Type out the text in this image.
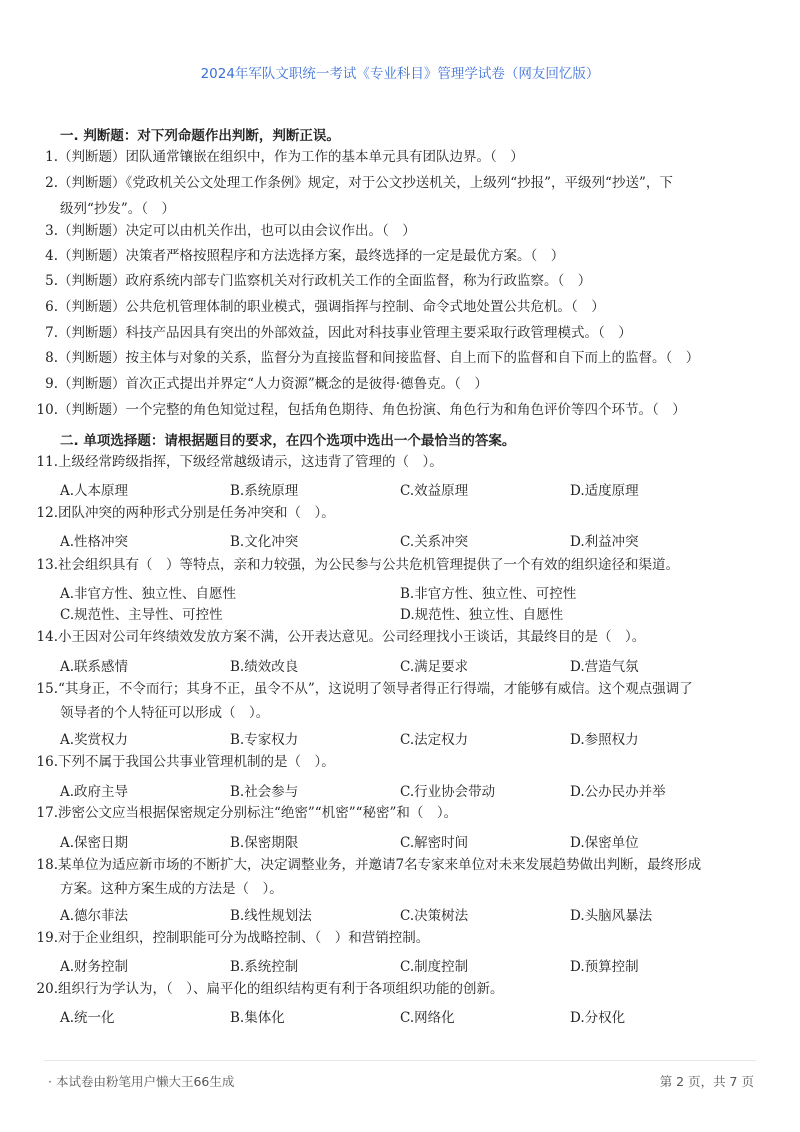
2024年军队文职统一考试《专业科目》管理学试卷（网友回忆版）
一. 判断题：对下列命题作出判断，判断正误。
1.（判断题）团队通常镶嵌在组织中，作为工作的基本单元具有团队边界。（　）
2.（判断题）《党政机关公文处理工作条例》规定，对于公文抄送机关，上级列“抄报”，平级列“抄送”，下
级列“抄发”。（　）
3.（判断题）决定可以由机关作出，也可以由会议作出。（　）
4.（判断题）决策者严格按照程序和方法选择方案，最终选择的一定是最优方案。（　）
5.（判断题）政府系统内部专门监察机关对行政机关工作的全面监督，称为行政监察。（　）
6.（判断题）公共危机管理体制的职业模式，强调指挥与控制、命令式地处置公共危机。（　）
7.（判断题）科技产品因具有突出的外部效益，因此对科技事业管理主要采取行政管理模式。（　）
8.（判断题）按主体与对象的关系，监督分为直接监督和间接监督、自上而下的监督和自下而上的监督。（　）
9.（判断题）首次正式提出并界定“人力资源”概念的是彼得·德鲁克。（　）
10.（判断题）一个完整的角色知觉过程，包括角色期待、角色扮演、角色行为和角色评价等四个环节。（　）
二. 单项选择题：请根据题目的要求，在四个选项中选出一个最恰当的答案。
11.上级经常跨级指挥，下级经常越级请示，这违背了管理的（　）。
A.人本原理	B.系统原理	C.效益原理	D.适度原理
12.团队冲突的两种形式分别是任务冲突和（　）。
A.性格冲突	B.文化冲突	C.关系冲突	D.利益冲突
13.社会组织具有（　）等特点，亲和力较强，为公民参与公共危机管理提供了一个有效的组织途径和渠道。
A.非官方性、独立性、自愿性	B.非官方性、独立性、可控性
C.规范性、主导性、可控性	D.规范性、独立性、自愿性
14.小王因对公司年终绩效发放方案不满，公开表达意见。公司经理找小王谈话，其最终目的是（　）。
A.联系感情	B.绩效改良	C.满足要求	D.营造气氛
15.“其身正，不令而行；其身不正，虽令不从”，这说明了领导者得正行得端，才能够有威信。这个观点强调了
领导者的个人特征可以形成（　）。
A.奖赏权力	B.专家权力	C.法定权力	D.参照权力
16.下列不属于我国公共事业管理机制的是（　）。
A.政府主导	B.社会参与	C.行业协会带动	D.公办民办并举
17.涉密公文应当根据保密规定分别标注“绝密”“机密”“秘密”和（　）。
A.保密日期	B.保密期限	C.解密时间	D.保密单位
18.某单位为适应新市场的不断扩大，决定调整业务，并邀请7名专家来单位对未来发展趋势做出判断，最终形成
方案。这种方案生成的方法是（　）。
A.德尔菲法	B.线性规划法	C.决策树法	D.头脑风暴法
19.对于企业组织，控制职能可分为战略控制、（　）和营销控制。
A.财务控制	B.系统控制	C.制度控制	D.预算控制
20.组织行为学认为，（　）、扁平化的组织结构更有利于各项组织功能的创新。
A.统一化	B.集体化	C.网络化	D.分权化
· 本试卷由粉笔用户懒大王66生成	第 2 页，共 7 页
